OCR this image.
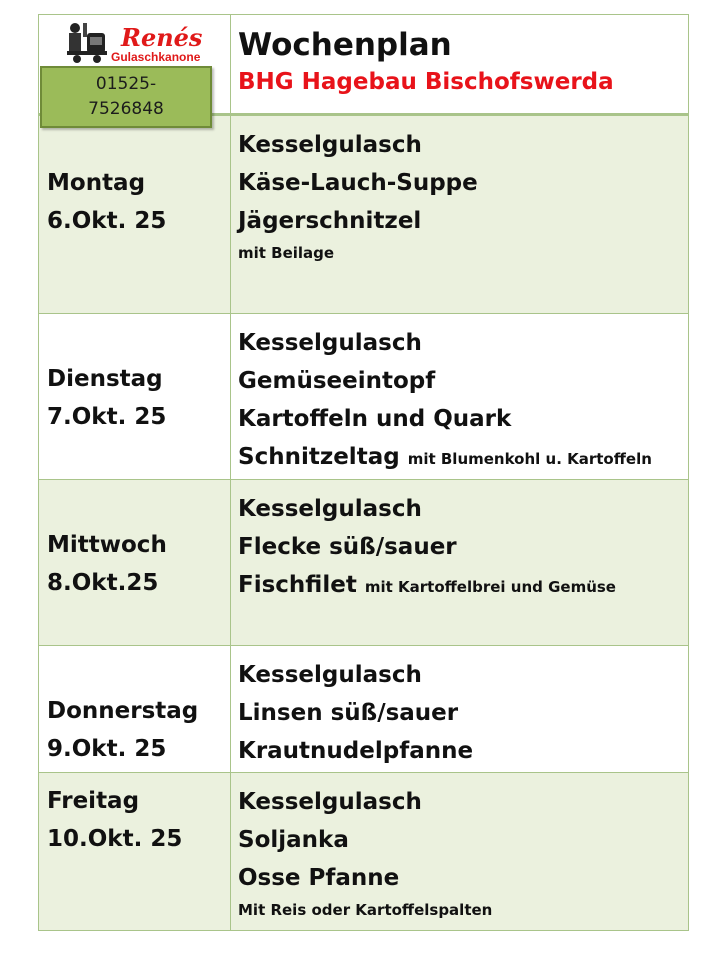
Renés
Gulaschkanone Wochenplan
BHG Hagebau Bischofswerda
Montag
6.Okt. 25
Kesselgulasch
Käse-Lauch-Suppe
Jägerschnitzel
mit Beilage
Dienstag
7.Okt. 25
Kesselgulasch
Gemüseeintopf
Kartoffeln und Quark
Schnitzeltag mit Blumenkohl u. Kartoffeln
Mittwoch
8.Okt.25
Kesselgulasch
Flecke süß/sauer
Fischfilet mit Kartoffelbrei und Gemüse
Donnerstag
9.Okt. 25
Kesselgulasch
Linsen süß/sauer
Krautnudelpfanne
Freitag
10.Okt. 25
Kesselgulasch
Soljanka
Osse Pfanne
Mit Reis oder Kartoffelspalten
01525-
7526848
